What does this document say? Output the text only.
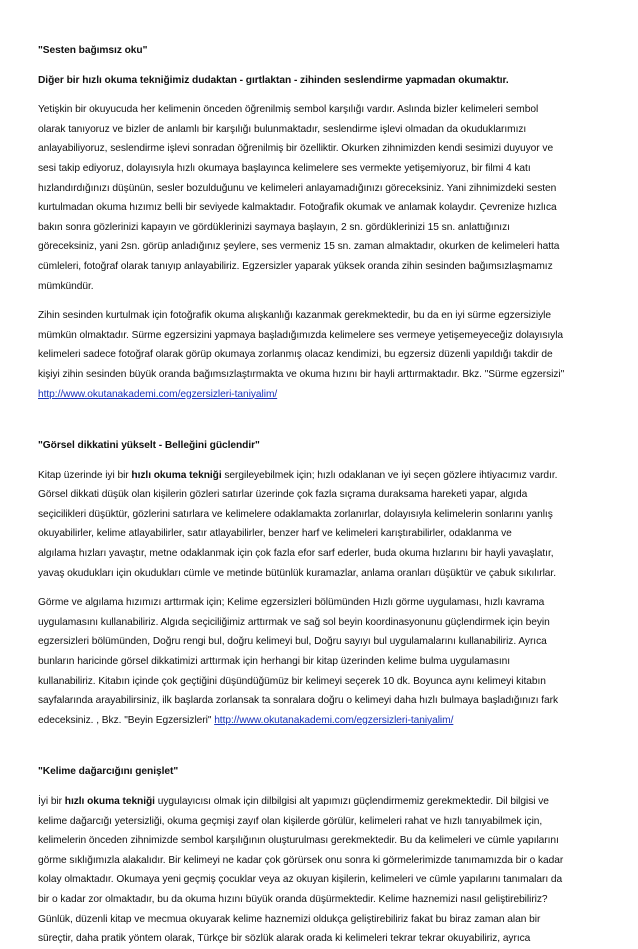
"Sesten bağımsız oku"

Diğer bir hızlı okuma tekniğimiz dudaktan - gırtlaktan - zihinden seslendirme yapmadan okumaktır.

Yetişkin bir okuyucuda her kelimenin önceden öğrenilmiş sembol karşılığı vardır. Aslında bizler kelimeleri sembol
olarak tanıyoruz ve bizler de anlamlı bir karşılığı bulunmaktadır, seslendirme işlevi olmadan da okuduklarımızı
anlayabiliyoruz, seslendirme işlevi sonradan öğrenilmiş bir özelliktir. Okurken zihnimizden kendi sesimizi duyuyor ve
sesi takip ediyoruz, dolayısıyla hızlı okumaya başlayınca kelimelere ses vermekte yetişemiyoruz, bir filmi 4 katı
hızlandırdığınızı düşünün, sesler bozulduğunu ve kelimeleri anlayamadığınızı göreceksiniz. Yani zihnimizdeki sesten
kurtulmadan okuma hızımız belli bir seviyede kalmaktadır. Fotoğrafik okumak ve anlamak kolaydır. Çevrenize hızlıca
bakın sonra gözlerinizi kapayın ve gördüklerinizi saymaya başlayın, 2 sn. gördüklerinizi 15 sn. anlattığınızı
göreceksiniz, yani 2sn. görüp anladığınız şeylere, ses vermeniz 15 sn. zaman almaktadır, okurken de kelimeleri hatta
cümleleri, fotoğraf olarak tanıyıp anlayabiliriz. Egzersizler yaparak yüksek oranda zihin sesinden bağımsızlaşmamız
mümkündür.

Zihin sesinden kurtulmak için fotoğrafik okuma alışkanlığı kazanmak gerekmektedir, bu da en iyi sürme egzersiziyle
mümkün olmaktadır. Sürme egzersizini yapmaya başladığımızda kelimelere ses vermeye yetişemeyeceğiz dolayısıyla
kelimeleri sadece fotoğraf olarak görüp okumaya zorlanmış olacaz kendimizi, bu egzersiz düzenli yapıldığı takdir de
kişiyi zihin sesinden büyük oranda bağımsızlaştırmakta ve okuma hızını bir hayli arttırmaktadır. Bkz. "Sürme egzersizi"
http://www.okutanakademi.com/egzersizleri-taniyalim/

"Görsel dikkatini yükselt - Belleğini güclendir"

Kitap üzerinde iyi bir hızlı okuma tekniği sergileyebilmek için; hızlı odaklanan ve iyi seçen gözlere ihtiyacımız vardır.
Görsel dikkati düşük olan kişilerin gözleri satırlar üzerinde çok fazla sıçrama duraksama hareketi yapar, algıda
seçicilikleri düşüktür, gözlerini satırlara ve kelimelere odaklamakta zorlanırlar, dolayısıyla kelimelerin sonlarını yanlış
okuyabilirler, kelime atlayabilirler, satır atlayabilirler, benzer harf ve kelimeleri karıştırabilirler, odaklanma ve
algılama hızları yavaştır, metne odaklanmak için çok fazla efor sarf ederler, buda okuma hızlarını bir hayli yavaşlatır,
yavaş okudukları için okudukları cümle ve metinde bütünlük kuramazlar, anlama oranları düşüktür ve çabuk sıkılırlar.

Görme ve algılama hızımızı arttırmak için; Kelime egzersizleri bölümünden Hızlı görme uygulaması, hızlı kavrama
uygulamasını kullanabiliriz. Algıda seçiciliğimiz arttırmak ve sağ sol beyin koordinasyonunu güçlendirmek için beyin
egzersizleri bölümünden, Doğru rengi bul, doğru kelimeyi bul, Doğru sayıyı bul uygulamalarını kullanabiliriz. Ayrıca
bunların haricinde görsel dikkatimizi arttırmak için herhangi bir kitap üzerinden kelime bulma uygulamasını
kullanabiliriz. Kitabın içinde çok geçtiğini düşündüğümüz bir kelimeyi seçerek 10 dk. Boyunca aynı kelimeyi kitabın
sayfalarında arayabilirsiniz, ilk başlarda zorlansak ta sonralara doğru o kelimeyi daha hızlı bulmaya başladığınızı fark
edeceksiniz. , Bkz. "Beyin Egzersizleri" http://www.okutanakademi.com/egzersizleri-taniyalim/

"Kelime dağarcığını genişlet"

İyi bir hızlı okuma tekniği uygulayıcısı olmak için dilbilgisi alt yapımızı güçlendirmemiz gerekmektedir. Dil bilgisi ve
kelime dağarcığı yetersizliği, okuma geçmişi zayıf olan kişilerde görülür, kelimeleri rahat ve hızlı tanıyabilmek için,
kelimelerin önceden zihnimizde sembol karşılığının oluşturulması gerekmektedir. Bu da kelimeleri ve cümle yapılarını
görme sıklığımızla alakalıdır. Bir kelimeyi ne kadar çok görürsek onu sonra ki görmelerimizde tanımamızda bir o kadar
kolay olmaktadır. Okumaya yeni geçmiş çocuklar veya az okuyan kişilerin, kelimeleri ve cümle yapılarını tanımaları da
bir o kadar zor olmaktadır, bu da okuma hızını büyük oranda düşürmektedir. Kelime haznemizi nasıl geliştirebiliriz?
Günlük, düzenli kitap ve mecmua okuyarak kelime haznemizi oldukça geliştirebiliriz fakat bu biraz zaman alan bir
süreçtir, daha pratik yöntem olarak, Türkçe bir sözlük alarak orada ki kelimeleri tekrar tekrar okuyabiliriz, ayrıca
